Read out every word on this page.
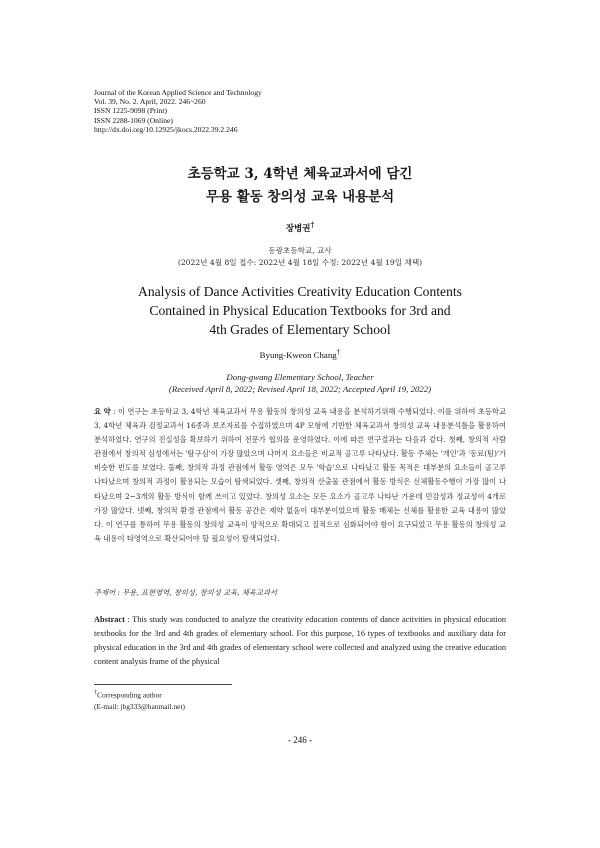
Journal of the Korean Applied Science and Technology
Vol. 39, No. 2. April, 2022. 246~260
ISSN 1225-9098 (Print)
ISSN 2288-1069 (Online)
http://dx.doi.org/10.12925/jkocs.2022.39.2.246
초등학교 3, 4학년 체육교과서에 담긴
무용 활동 창의성 교육 내용분석
장병권†
동광초등학교, 교사
(2022년 4월 8일 접수: 2022년 4월 18일 수정: 2022년 4월 19일 채택)
Analysis of Dance Activities Creativity Education Contents
Contained in Physical Education Textbooks for 3rd and
4th Grades of Elementary School
Byung-Kweon Chang†
Dong-gwang Elementary School, Teacher
(Received April 8, 2022; Revised April 18, 2022; Accepted April 19, 2022)
요 약 : 이 연구는 초등학교 3, 4학년 체육교과서 무용 활동의 창의성 교육 내용을 분석하기위해 수행되었다. 이를 위하여 초등학교 3, 4학년 체육과 검정교과서 16종과 보조자료를 수집하였으며 4P 모형에 기반한 체육교과서 창의성 교육 내용분석틀을 활용하여 분석하였다. 연구의 진실성을 확보하기 위하여 전문가 협의를 운영하였다. 이에 따른 연구결과는 다음과 같다. 첫째, 창의적 사람 관점에서 창의적 심성에서는 '탐구심'이 가장 많았으며 나머지 요소들은 비교적 골고루 나타났다. 활동 주체는 '개인'과 '동료(팀)'가 비슷한 빈도를 보였다. 둘째, 창의적 과정 관점에서 활동 영역은 모두 '학습'으로 나타났고 활동 목적은 대부분의 요소들이 골고루 나타났으며 창의적 과정이 활용되는 모습이 탐색되었다. 셋째, 창의적 산출물 관점에서 활동 방식은 신체활동수행이 가장 많이 나타났으며 2~3개의 활동 방식이 함께 쓰이고 있었다. 창의성 요소는 모든 요소가 골고루 나타난 가운데 민감성과 정교성이 4개로 가장 많았다. 넷째, 창의적 환경 관점에서 활동 공간은 제약 없음이 대부분이었으며 활동 매체는 신체를 활용한 교육 내용이 많았다. 이 연구를 통하여 무용 활동의 창의성 교육이 양적으로 확대되고 질적으로 심화되어야 함이 요구되었고 무용 활동의 창의성 교육 내용이 타영역으로 확산되어야 할 필요성이 탐색되었다.
주제어 : 무용, 표현영역, 창의성, 창의성 교육, 체육교과서
Abstract : This study was conducted to analyze the creativity education contents of dance activities in physical education textbooks for the 3rd and 4th grades of elementary school. For this purpose, 16 types of textbooks and auxiliary data for physical education in the 3rd and 4th grades of elementary school were collected and analyzed using the creative education content analysis frame of the physical
†Corresponding author
(E-mail: jbg333@hanmail.net)
- 246 -
